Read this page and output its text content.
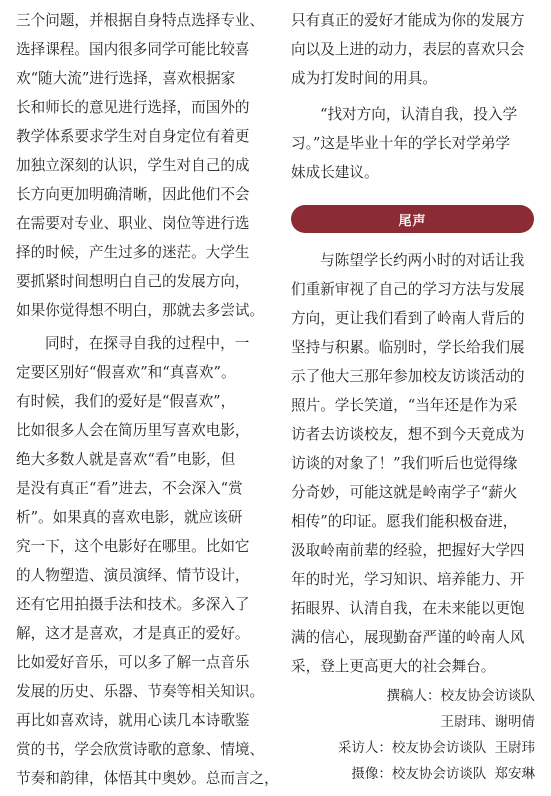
三个问题，并根据自身特点选择专业、
选择课程。国内很多同学可能比较喜
欢“随大流”进行选择，喜欢根据家
长和师长的意见进行选择，而国外的
教学体系要求学生对自身定位有着更
加独立深刻的认识，学生对自己的成
长方向更加明确清晰，因此他们不会
在需要对专业、职业、岗位等进行选
择的时候，产生过多的迷茫。大学生
要抓紧时间想明白自己的发展方向，
如果你觉得想不明白，那就去多尝试。
同时，在探寻自我的过程中，一
定要区别好“假喜欢”和“真喜欢”。
有时候，我们的爱好是“假喜欢”，
比如很多人会在简历里写喜欢电影，
绝大多数人就是喜欢“看”电影，但
是没有真正“看”进去，不会深入“赏
析”。如果真的喜欢电影，就应该研
究一下，这个电影好在哪里。比如它
的人物塑造、演员演绎、情节设计，
还有它用拍摄手法和技术。多深入了
解，这才是喜欢，才是真正的爱好。
比如爱好音乐，可以多了解一点音乐
发展的历史、乐器、节奏等相关知识。
再比如喜欢诗，就用心读几本诗歌鉴
赏的书，学会欣赏诗歌的意象、情境、
节奏和韵律，体悟其中奥妙。总而言之，
只有真正的爱好才能成为你的发展方
向以及上进的动力，表层的喜欢只会
成为打发时间的用具。
“找对方向，认清自我，投入学
习。”这是毕业十年的学长对学弟学
妹成长建议。
尾声
与陈望学长约两小时的对话让我
们重新审视了自己的学习方法与发展
方向，更让我们看到了岭南人背后的
坚持与积累。临别时，学长给我们展
示了他大三那年参加校友访谈活动的
照片。学长笑道，“当年还是作为采
访者去访谈校友，想不到今天竟成为
访谈的对象了！”我们听后也觉得缘
分奇妙，可能这就是岭南学子“薪火
相传”的印证。愿我们能积极奋进，
汲取岭南前辈的经验，把握好大学四
年的时光，学习知识、培养能力、开
拓眼界、认清自我，在未来能以更饱
满的信心，展现勤奋严谨的岭南人风
采，登上更高更大的社会舞台。
撰稿人：校友协会访谈队
王尉玮、谢明倩
采访人：校友协会访谈队 王尉玮
摄像：校友协会访谈队 郑安琳
